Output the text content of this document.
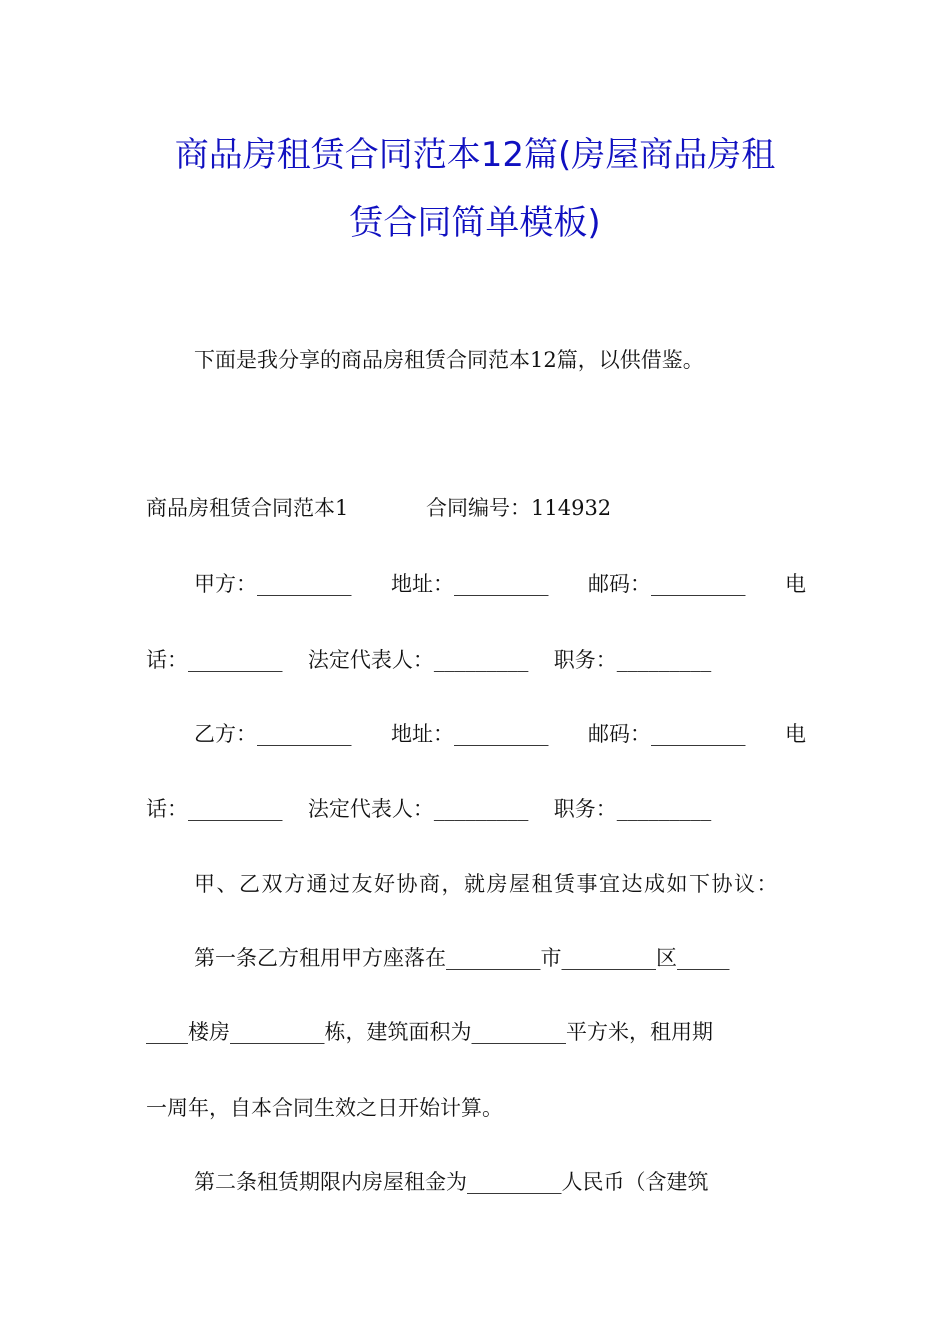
商品房租赁合同范本12篇(房屋商品房租
赁合同简单模板)
下面是我分享的商品房租赁合同范本12篇，以供借鉴。
商品房租赁合同范本1	合同编号：114932
甲方：_________ 地址：_________ 邮码：_________ 电
话：_________ 法定代表人：_________ 职务：_________
乙方：_________ 地址：_________ 邮码：_________ 电
话：_________ 法定代表人：_________ 职务：_________
甲、乙双方通过友好协商，就房屋租赁事宜达成如下协议：
第一条乙方租用甲方座落在_________市_________区_____
____楼房_________栋，建筑面积为_________平方米，租用期
一周年，自本合同生效之日开始计算。
第二条租赁期限内房屋租金为_________人民币（含建筑
